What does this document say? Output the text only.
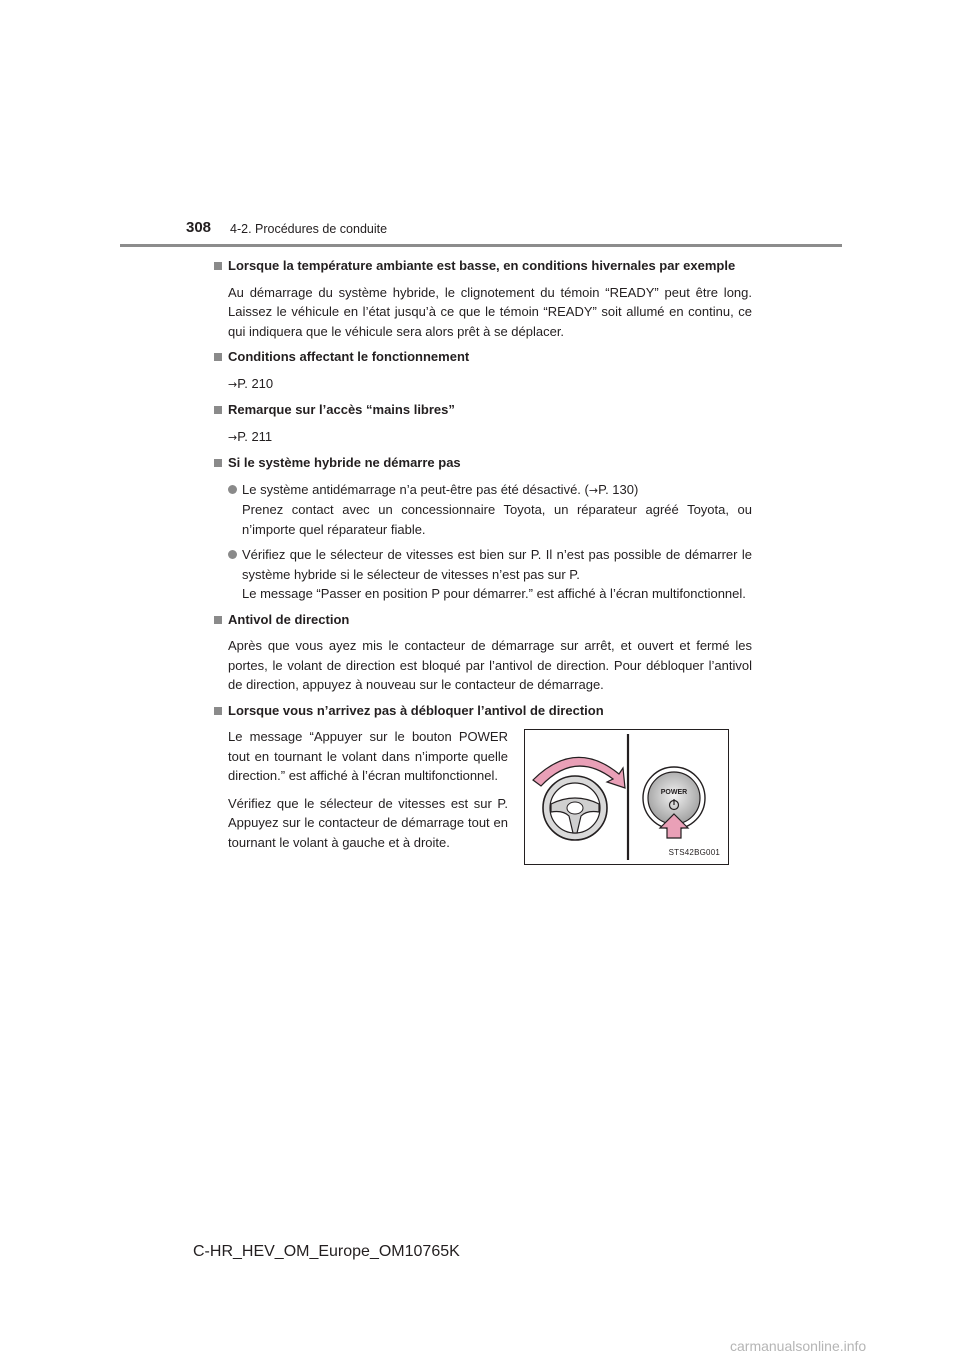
308 4-2. Procédures de conduite
Lorsque la température ambiante est basse, en conditions hivernales par exemple
Au démarrage du système hybride, le clignotement du témoin “READY” peut être long. Laissez le véhicule en l’état jusqu’à ce que le témoin “READY” soit allumé en continu, ce qui indiquera que le véhicule sera alors prêt à se déplacer.
Conditions affectant le fonctionnement
→P. 210
Remarque sur l’accès “mains libres”
→P. 211
Si le système hybride ne démarre pas
Le système antidémarrage n’a peut-être pas été désactivé. (→P. 130)
Prenez contact avec un concessionnaire Toyota, un réparateur agréé Toyota, ou n’importe quel réparateur fiable.
Vérifiez que le sélecteur de vitesses est bien sur P. Il n’est pas possible de démarrer le système hybride si le sélecteur de vitesses n’est pas sur P.
Le message “Passer en position P pour démarrer.” est affiché à l’écran multifonctionnel.
Antivol de direction
Après que vous ayez mis le contacteur de démarrage sur arrêt, et ouvert et fermé les portes, le volant de direction est bloqué par l’antivol de direction. Pour débloquer l’antivol de direction, appuyez à nouveau sur le contacteur de démarrage.
Lorsque vous n’arrivez pas à débloquer l’antivol de direction

Le message “Appuyer sur le bouton POWER tout en tournant le volant dans n’importe quelle direction.” est affiché à l’écran multifonctionnel.

Vérifiez que le sélecteur de vitesses est sur P. Appuyez sur le contacteur de démarrage tout en tournant le volant à gauche et à droite.

POWER
STS42BG001
C-HR_HEV_OM_Europe_OM10765K
carmanualsonline.info
